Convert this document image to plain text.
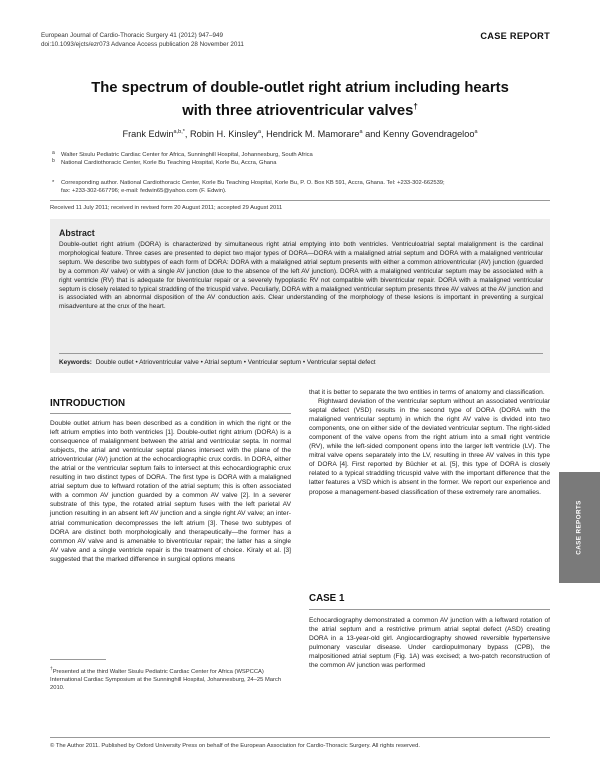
European Journal of Cardio-Thoracic Surgery 41 (2012) 947–949
doi:10.1093/ejcts/ezr073 Advance Access publication 28 November 2011
CASE REPORT
The spectrum of double-outlet right atrium including hearts
with three atrioventricular valves†
Frank Edwin$^{a,b,*}$, Robin H. Kinsley$^a$, Hendrick M. Mamorare$^a$ and Kenny Govendrageloo$^a$
a Walter Sisulu Pediatric Cardiac Center for Africa, Sunninghill Hospital, Johannesburg, South Africa
b National Cardiothoracic Center, Korle Bu Teaching Hospital, Korle Bu, Accra, Ghana
*	Corresponding author. National Cardiothoracic Center, Korle Bu Teaching Hospital, Korle Bu, P. O. Box KB 591, Accra, Ghana. Tel: +233-302-662539;
fax: +233-302-667796; e-mail: fedwin65@yahoo.com (F. Edwin).
Received 11 July 2011; received in revised form 20 August 2011; accepted 29 August 2011
Abstract
Double-outlet right atrium (DORA) is characterized by simultaneous right atrial emptying into both ventricles. Ventriculoatrial septal malalignment is the cardinal morphological feature. Three cases are presented to depict two major types of DORA—DORA with a malaligned atrial septum and DORA with a malaligned ventricular septum. We describe two subtypes of each form of DORA: DORA with a malaligned atrial septum presents with either a common atrioventricular (AV) junction (guarded by a common AV valve) or with a single AV junction (due to the absence of the left AV junction). DORA with a malaligned ventricular septum may be associated with a right ventricle (RV) that is adequate for biventricular repair or a severely hypoplastic RV not compatible with biventricular repair. DORA with a malaligned ventricular septum is closely related to typical straddling of the tricuspid valve. Peculiarly, DORA with a malaligned ventricular septum presents three AV valves at the AV junction and is associated with an abnormal disposition of the AV conduction axis. Clear understanding of the morphology of these lesions is important in preventing a surgical misadventure at the crux of the heart.
Keywords: Double outlet • Atrioventricular valve • Atrial septum • Ventricular septum • Ventricular septal defect
INTRODUCTION

Double outlet atrium has been described as a condition in which the right or the left atrium empties into both ventricles [1]. Double-outlet right atrium (DORA) is a consequence of malalignment between the atrial and ventricular septa. In normal subjects, the atrial and ventricular septal planes intersect with the plane of the atrioventricular (AV) junction at the echocardiographic crux cordis. In DORA, either the atrial or the ventricular septum fails to intersect at this echocardiographic crux resulting in two distinct types of DORA. The first type is DORA with a malaligned atrial septum due to leftward rotation of the atrial septum; this is often associated with a common AV junction guarded by a common AV valve [2]. In a severer substrate of this type, the rotated atrial septum fuses with the left parietal AV junction resulting in an absent left AV junction and a single right AV valve; an inter-atrial communication decompresses the left atrium [3]. These two subtypes of DORA are distinct both morphologically and therapeutically—the former has a common AV valve and is amenable to biventricular repair; the latter has a single AV valve and a single ventricle repair is the treatment of choice. Kiraly et al. [3] suggested that the marked difference in surgical options means

†Presented at the third Walter Sisulu Pediatric Cardiac Center for Africa (WSPCCA) International Cardiac Symposium at the Sunninghill Hospital, Johannesburg, 24–25 March 2010.

that it is better to separate the two entities in terms of anatomy and classification.

Rightward deviation of the ventricular septum without an associated ventricular septal defect (VSD) results in the second type of DORA (DORA with the malaligned ventricular septum) in which the right AV valve is divided into two components, one on either side of the deviated ventricular septum. The right-sided component of the valve opens from the right atrium into a small right ventricle (RV), while the left-sided component opens into the larger left ventricle (LV). The mitral valve opens separately into the LV, resulting in three AV valves in this type of DORA [4]. First reported by Büchler et al. [5], this type of DORA is closely related to a typical straddling tricuspid valve with the important difference that the latter features a VSD which is absent in the former. We report our experience and propose a management-based classification of these extremely rare anomalies.

CASE 1

Echocardiography demonstrated a common AV junction with a leftward rotation of the atrial septum and a restrictive primum atrial septal defect (ASD) creating DORA in a 13-year-old girl. Angiocardiography showed reversible hypertensive pulmonary vascular disease. Under cardiopulmonary bypass (CPB), the malpositioned atrial septum (Fig. 1A) was excised; a two-patch reconstruction of the common AV junction was performed

© The Author 2011. Published by Oxford University Press on behalf of the European Association for Cardio-Thoracic Surgery. All rights reserved.
CASE REPORTS
